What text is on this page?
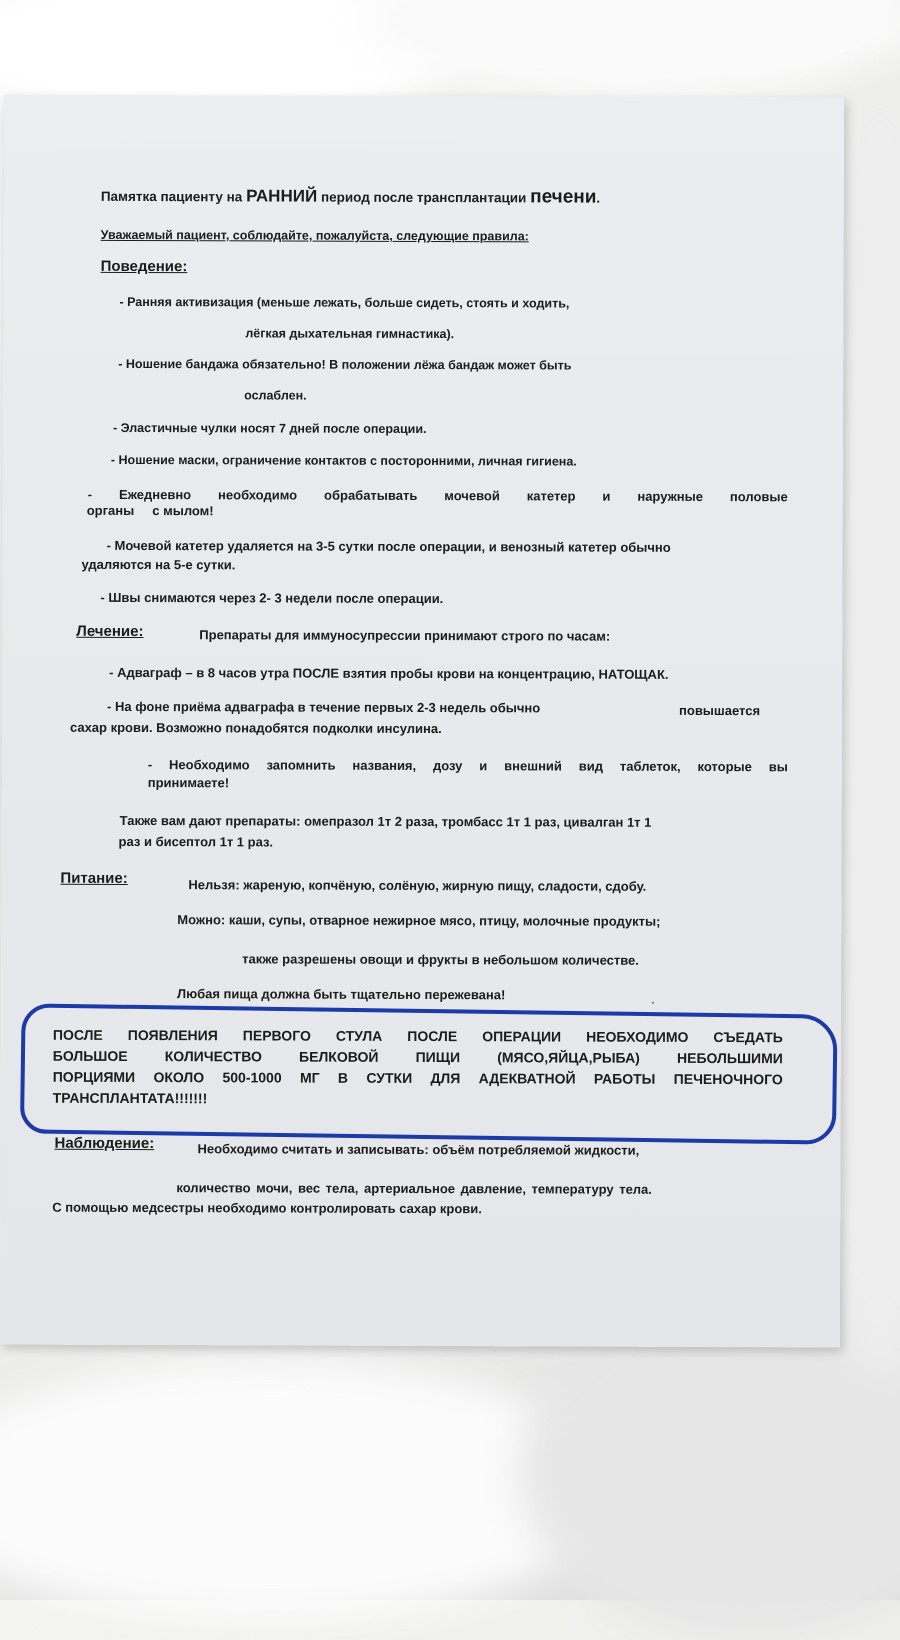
Памятка пациенту на РАННИЙ период после трансплантации печени.
Уважаемый пациент, соблюдайте, пожалуйста, следующие правила:
Поведение:
- Ранняя активизация (меньше лежать, больше сидеть, стоять и ходить,
лёгкая дыхательная гимнастика).
- Ношение бандажа обязательно! В положении лёжа бандаж может быть
ослаблен.
- Эластичные чулки носят 7 дней после операции.
- Ношение маски, ограничение контактов с посторонними, личная гигиена.
- Ежедневно необходимо обрабатывать мочевой катетер и наружные половые
органы     с мылом!
- Мочевой катетер удаляется на 3-5 сутки после операции, и венозный катетер обычно
удаляются на 5-е сутки.
- Швы снимаются через 2- 3 недели после операции.
Лечение:	Препараты для иммуносупрессии принимают строго по часам:
- Адваграф – в 8 часов утра ПОСЛЕ взятия пробы крови на концентрацию, НАТОЩАК.
- На фоне приёма адваграфа в течение первых 2-3 недель обычно	повышается
сахар крови. Возможно понадобятся подколки инсулина.
- Необходимо запомнить названия, дозу и внешний вид таблеток, которые вы
принимаете!
Также вам дают препараты: омепразол 1т 2 раза, тромбасс 1т 1 раз, цивалган 1т 1
раз и бисептол 1т 1 раз.
Питание:	Нельзя: жареную, копчёную, солёную, жирную пищу, сладости, сдобу.
Можно: каши, супы, отварное нежирное мясо, птицу, молочные продукты;
также разрешены овощи и фрукты в небольшом количестве.
Любая пища должна быть тщательно пережевана!
ПОСЛЕ ПОЯВЛЕНИЯ ПЕРВОГО СТУЛА ПОСЛЕ ОПЕРАЦИИ НЕОБХОДИМО СЪЕДАТЬ
БОЛЬШОЕ КОЛИЧЕСТВО БЕЛКОВОЙ ПИЩИ (МЯСО,ЯЙЦА,РЫБА) НЕБОЛЬШИМИ
ПОРЦИЯМИ ОКОЛО 500-1000 МГ В СУТКИ ДЛЯ АДЕКВАТНОЙ РАБОТЫ ПЕЧЕНОЧНОГО
ТРАНСПЛАНТАТА!!!!!!!
Наблюдение:	Необходимо считать и записывать: объём потребляемой жидкости,
количество мочи, вес тела, артериальное давление, температуру тела.
С помощью медсестры необходимо контролировать сахар крови.
